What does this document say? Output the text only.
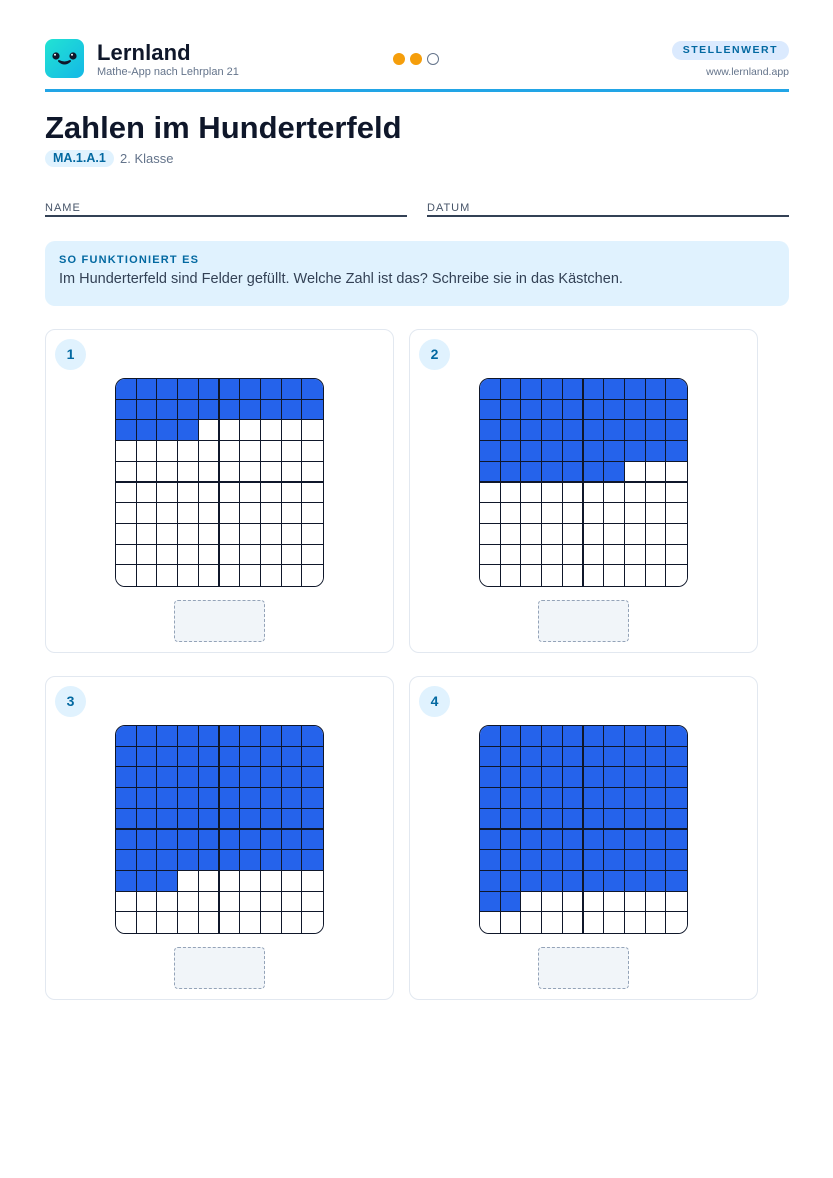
Lernland
Mathe-App nach Lehrplan 21
STELLENWERT
www.lernland.app
Zahlen im Hunderterfeld
MA.1.A.1	2. Klasse
NAME	DATUM
SO FUNKTIONIERT ES
Im Hunderterfeld sind Felder gefüllt. Welche Zahl ist das? Schreibe sie in das Kästchen.
1	2
3	4
